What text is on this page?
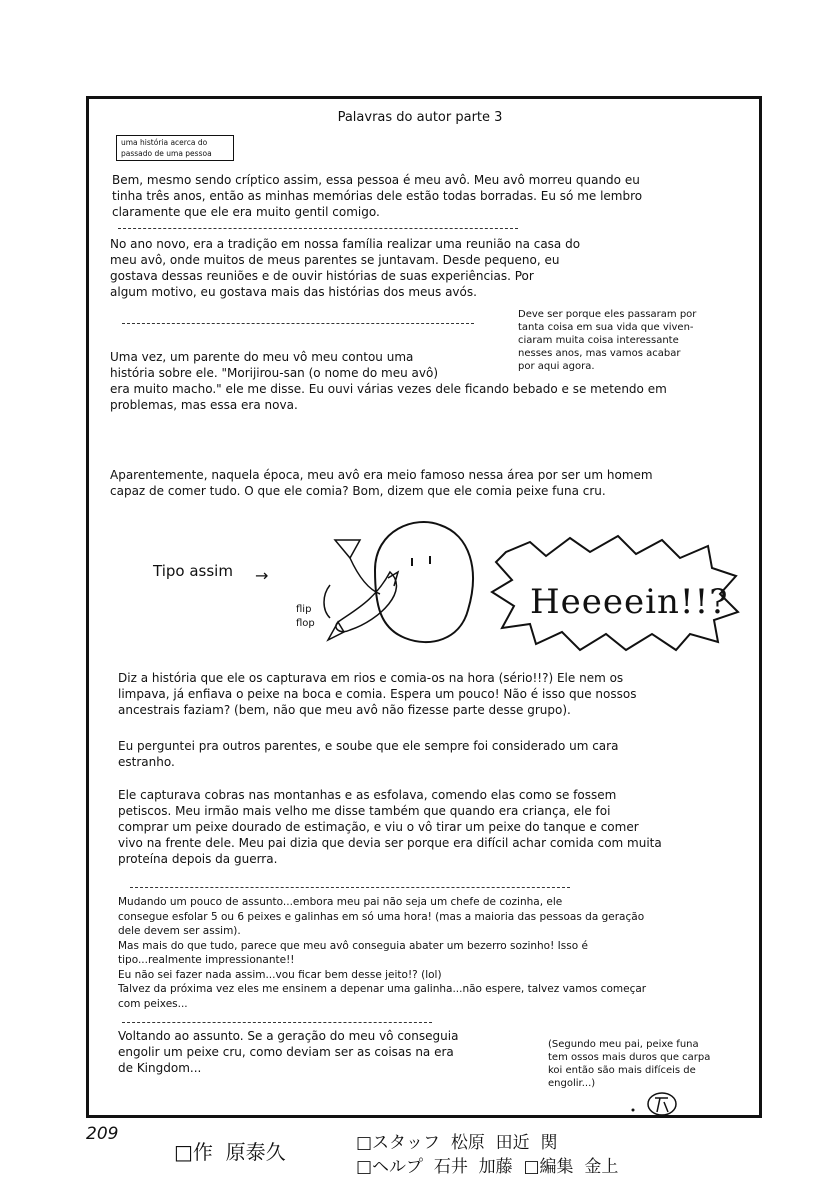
Palavras do autor parte 3
uma história acerca do passado de uma pessoa
Bem, mesmo sendo críptico assim, essa pessoa é meu avô. Meu avô morreu quando eu
tinha três anos, então as minhas memórias dele estão todas borradas. Eu só me lembro
claramente que ele era muito gentil comigo.
No ano novo, era a tradição em nossa família realizar uma reunião na casa do
meu avô, onde muitos de meus parentes se juntavam. Desde pequeno, eu
gostava dessas reuniões e de ouvir histórias de suas experiências. Por
algum motivo, eu gostava mais das histórias dos meus avós.
Deve ser porque eles passaram por
tanta coisa em sua vida que viven-
ciaram muita coisa interessante
nesses anos, mas vamos acabar
por aqui agora.
Uma vez, um parente do meu vô meu contou uma
história sobre ele. "Morijirou-san (o nome do meu avô)
era muito macho." ele me disse. Eu ouvi várias vezes dele ficando bebado e se metendo em
problemas, mas essa era nova.
Aparentemente, naquela época, meu avô era meio famoso nessa área por ser um homem
capaz de comer tudo. O que ele comia? Bom, dizem que ele comia peixe funa cru.
Tipo assim →
flip
flop
Heeeein!!?
Diz a história que ele os capturava em rios e comia-os na hora (sério!!?) Ele nem os
limpava, já enfiava o peixe na boca e comia. Espera um pouco! Não é isso que nossos
ancestrais faziam? (bem, não que meu avô não fizesse parte desse grupo).
Eu perguntei pra outros parentes, e soube que ele sempre foi considerado um cara
estranho.
Ele capturava cobras nas montanhas e as esfolava, comendo elas como se fossem
petiscos. Meu irmão mais velho me disse também que quando era criança, ele foi
comprar um peixe dourado de estimação, e viu o vô tirar um peixe do tanque e comer
vivo na frente dele. Meu pai dizia que devia ser porque era difícil achar comida com muita
proteína depois da guerra.
Mudando um pouco de assunto...embora meu pai não seja um chefe de cozinha, ele
consegue esfolar 5 ou 6 peixes e galinhas em só uma hora! (mas a maioria das pessoas da geração
dele devem ser assim).
Mas mais do que tudo, parece que meu avô conseguia abater um bezerro sozinho! Isso é
tipo...realmente impressionante!!
Eu não sei fazer nada assim...vou ficar bem desse jeito!? (lol)
Talvez da próxima vez eles me ensinem a depenar uma galinha...não espere, talvez vamos começar
com peixes...
Voltando ao assunto. Se a geração do meu vô conseguia
engolir um peixe cru, como deviam ser as coisas na era
de Kingdom...
(Segundo meu pai, peixe funa
tem ossos mais duros que carpa
koi então são mais difíceis de
engolir...)
209
□作  原泰久	□スタッフ  松原  田近  関
□ヘルプ  石井  加藤  □編集  金上
